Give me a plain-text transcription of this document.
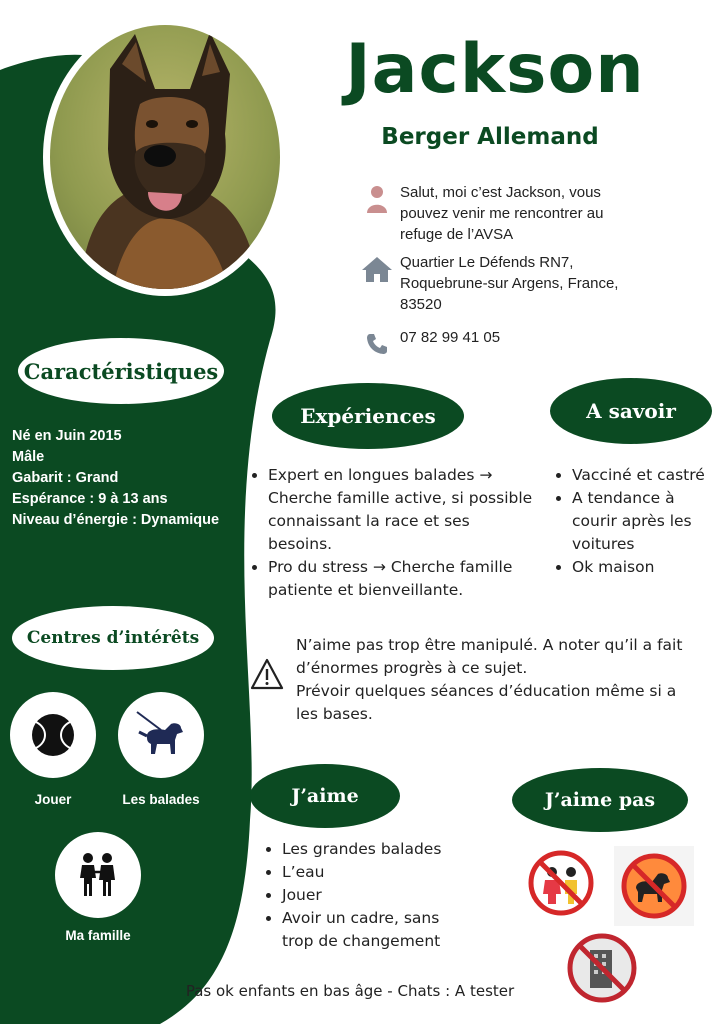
Jackson
Berger Allemand
Salut, moi c’est Jackson, vous pouvez venir me rencontrer au refuge de l’AVSA
Quartier Le Défends RN7, Roquebrune-sur Argens, France, 83520
07 82 99 41 05
Caractéristiques
Né en Juin 2015
Mâle
Gabarit : Grand
Espérance : 9 à 13 ans
Niveau d’énergie : Dynamique
Expériences
• Expert en longues balades → Cherche famille active, si possible connaissant la race et ses besoins.
• Pro du stress → Cherche famille patiente et bienveillante.
A savoir
• Vacciné et castré
• A tendance à courir après les voitures
• Ok maison
N’aime pas trop être manipulé. A noter qu’il a fait d’énormes progrès à ce sujet.
Prévoir quelques séances d’éducation même si a les bases.
Centres d’intérêts
Jouer	Les balades
Ma famille
J’aime
• Les grandes balades
• L’eau
• Jouer
• Avoir un cadre, sans trop de changement
J’aime pas
Pas ok enfants en bas âge - Chats : A tester
